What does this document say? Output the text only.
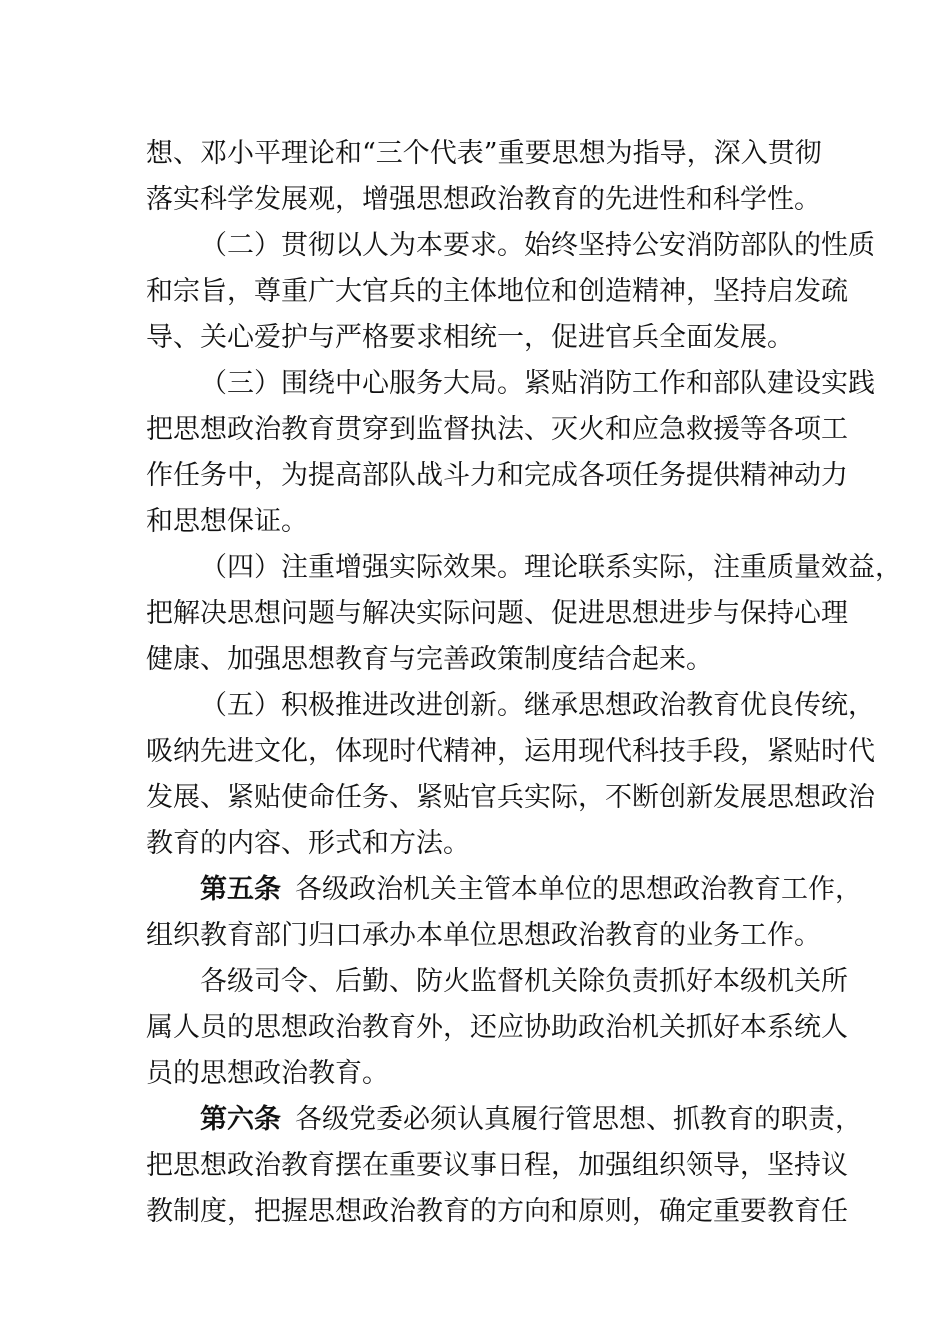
想、邓小平理论和“三个代表”重要思想为指导，深入贯彻
落实科学发展观，增强思想政治教育的先进性和科学性。
（二）贯彻以人为本要求。始终坚持公安消防部队的性质
和宗旨，尊重广大官兵的主体地位和创造精神，坚持启发疏
导、关心爱护与严格要求相统一，促进官兵全面发展。
（三）围绕中心服务大局。紧贴消防工作和部队建设实践
把思想政治教育贯穿到监督执法、灭火和应急救援等各项工
作任务中，为提高部队战斗力和完成各项任务提供精神动力
和思想保证。
（四）注重增强实际效果。理论联系实际，注重质量效益，
把解决思想问题与解决实际问题、促进思想进步与保持心理
健康、加强思想教育与完善政策制度结合起来。
（五）积极推进改进创新。继承思想政治教育优良传统，
吸纳先进文化，体现时代精神，运用现代科技手段，紧贴时代
发展、紧贴使命任务、紧贴官兵实际，不断创新发展思想政治
教育的内容、形式和方法。
第五条 各级政治机关主管本单位的思想政治教育工作，
组织教育部门归口承办本单位思想政治教育的业务工作。
各级司令、后勤、防火监督机关除负责抓好本级机关所
属人员的思想政治教育外，还应协助政治机关抓好本系统人
员的思想政治教育。
第六条 各级党委必须认真履行管思想、抓教育的职责，
把思想政治教育摆在重要议事日程，加强组织领导，坚持议
教制度，把握思想政治教育的方向和原则，确定重要教育任
